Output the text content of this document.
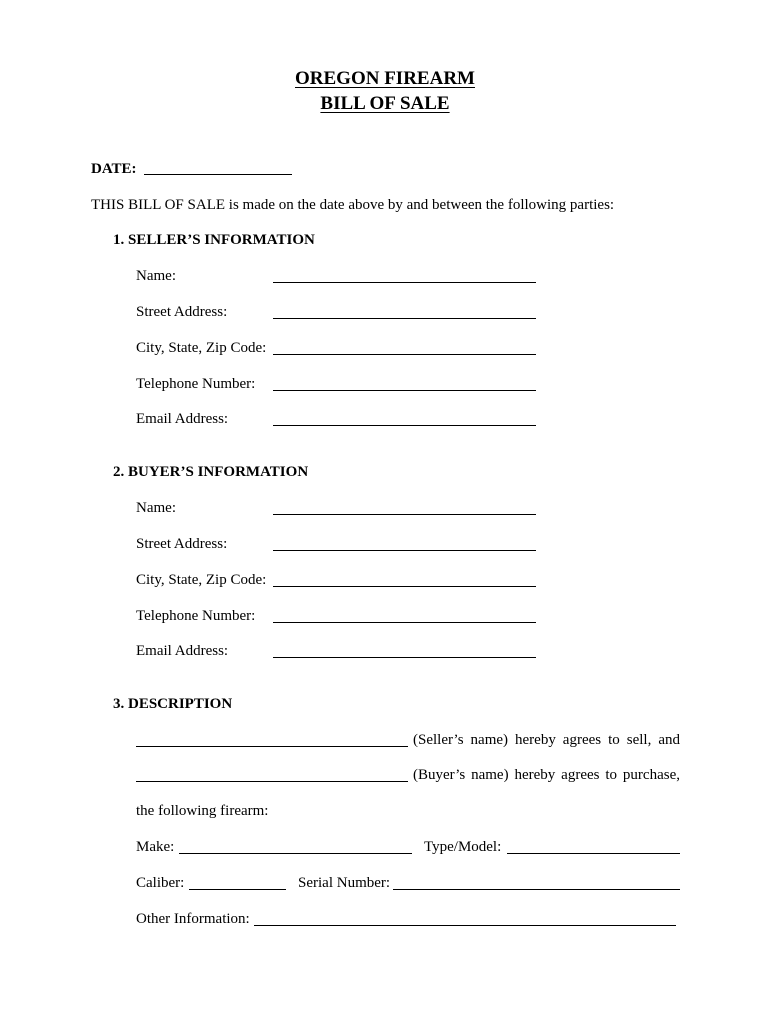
OREGON FIREARM
BILL OF SALE
DATE:
THIS BILL OF SALE is made on the date above by and between the following parties:
1. SELLER’S INFORMATION
Name:
Street Address:
City, State, Zip Code:
Telephone Number:
Email Address:
2. BUYER’S INFORMATION
Name:
Street Address:
City, State, Zip Code:
Telephone Number:
Email Address:
3. DESCRIPTION
(Seller’s name) hereby agrees to sell, and
(Buyer’s name) hereby agrees to purchase,
the following firearm:
Make:	Type/Model:
Caliber:	Serial Number:
Other Information:
